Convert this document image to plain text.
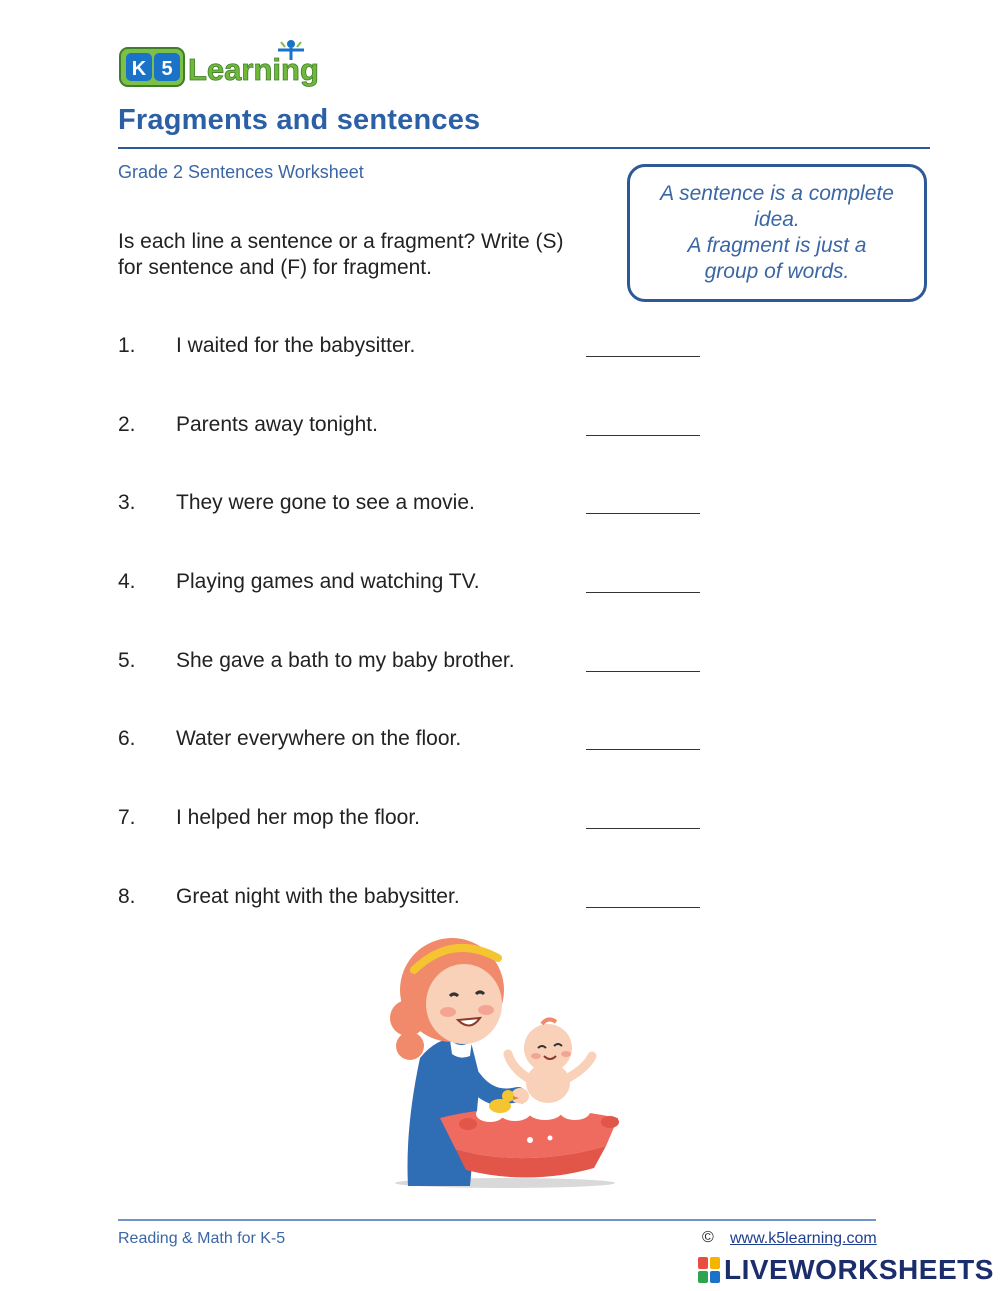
K 5 Learning
Fragments and sentences
Grade 2 Sentences Worksheet
Is each line a sentence or a fragment? Write (S) for sentence and (F) for fragment.
A sentence is a complete
idea.
A fragment is just a
group of words.
1. I waited for the babysitter.
2. Parents away tonight.
3. They were gone to see a movie.
4. Playing games and watching TV.
5. She gave a bath to my baby brother.
6. Water everywhere on the floor.
7. I helped her mop the floor.
8. Great night with the babysitter.
Reading & Math for K-5	© www.k5learning.com
LIVEWORKSHEETS
